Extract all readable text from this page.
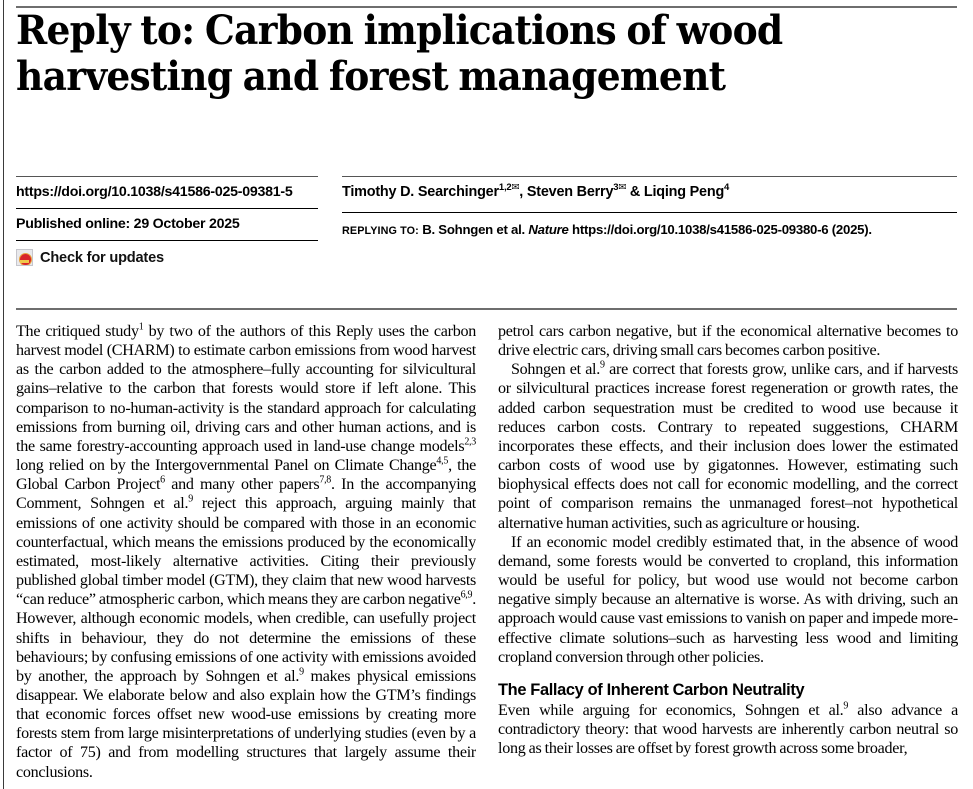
Reply to: Carbon implications of wood harvesting and forest management
https://doi.org/10.1038/s41586-025-09381-5
Published online: 29 October 2025
Check for updates
Timothy D. Searchinger$^{1,2✉}$, Steven Berry$^{3✉}$ & Liqing Peng$^4$
REPLYING TO: B. Sohngen et al. Nature https://doi.org/10.1038/s41586-025-09380-6 (2025).

The critiqued study$^1$ by two of the authors of this Reply uses the carbon harvest model (CHARM) to estimate carbon emissions from wood harvest as the carbon added to the atmosphere–fully accounting for silvicultural gains–relative to the carbon that forests would store if left alone. This comparison to no-human-activity is the standard approach for calculating emissions from burning oil, driving cars and other human actions, and is the same forestry-accounting approach used in land-use change models$^{2,3}$ long relied on by the Intergovernmental Panel on Climate Change$^{4,5}$, the Global Carbon Project$^6$ and many other papers$^{7,8}$. In the accompanying Comment, Sohngen et al.$^9$ reject this approach, arguing mainly that emissions of one activity should be compared with those in an economic counterfactual, which means the emissions produced by the economically estimated, most-likely alternative activities. Citing their previously published global timber model (GTM), they claim that new wood harvests “can reduce” atmospheric carbon, which means they are carbon negative$^{6,9}$. However, although economic models, when credible, can usefully project shifts in behaviour, they do not determine the emissions of these behaviours; by confusing emissions of one activity with emissions avoided by another, the approach by Sohngen et al.$^9$ makes physical emissions disappear. We elaborate below and also explain how the GTM’s findings that economic forces offset new wood-use emissions by creating more forests stem from large misinterpretations of underlying studies (even by a factor of 75) and from modelling structures that largely assume their conclusions.

petrol cars carbon negative, but if the economical alternative becomes to drive electric cars, driving small cars becomes carbon positive.

Sohngen et al.$^9$ are correct that forests grow, unlike cars, and if harvests or silvicultural practices increase forest regeneration or growth rates, the added carbon sequestration must be credited to wood use because it reduces carbon costs. Contrary to repeated suggestions, CHARM incorporates these effects, and their inclusion does lower the estimated carbon costs of wood use by gigatonnes. However, estimating such biophysical effects does not call for economic modelling, and the correct point of comparison remains the unmanaged forest–not hypothetical alternative human activities, such as agriculture or housing.

If an economic model credibly estimated that, in the absence of wood demand, some forests would be converted to cropland, this information would be useful for policy, but wood use would not become carbon negative simply because an alternative is worse. As with driving, such an approach would cause vast emissions to vanish on paper and impede more-effective climate solutions–such as harvesting less wood and limiting cropland conversion through other policies.

The Fallacy of Inherent Carbon Neutrality

Even while arguing for economics, Sohngen et al.$^9$ also advance a contradictory theory: that wood harvests are inherently carbon neutral so long as their losses are offset by forest growth across some broader,
